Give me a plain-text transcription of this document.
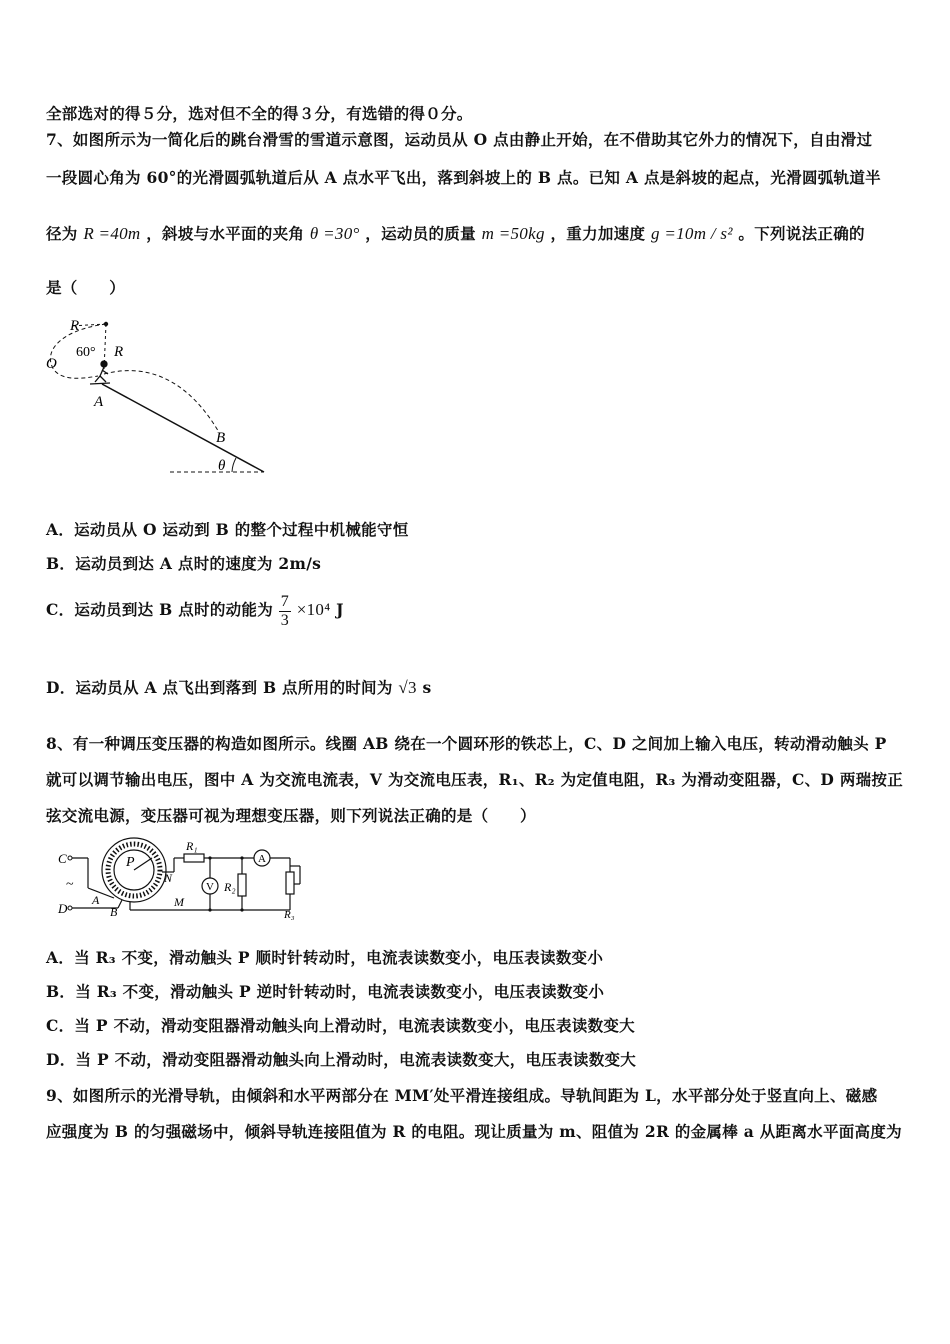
全部选对的得５分，选对但不全的得３分，有选错的得０分。
7、如图所示为一简化后的跳台滑雪的雪道示意图，运动员从 O 点由静止开始，在不借助其它外力的情况下，自由滑过
一段圆心角为 60°的光滑圆弧轨道后从 A 点水平飞出，落到斜坡上的 B 点。已知 A 点是斜坡的起点，光滑圆弧轨道半
径为 R =40m ，斜坡与水平面的夹角 θ =30° ，运动员的质量 m =50kg ，重力加速度 g =10m / s² 。下列说法正确的
是（　　）
R
60° R
O
A
B
θ
A．运动员从 O 运动到 B 的整个过程中机械能守恒
B．运动员到达 A 点时的速度为 2m/s
C．运动员到达 B 点时的动能为 $\frac{7}{3} \times 10^4$ J
D．运动员从 A 点飞出到落到 B 点所用的时间为 √3 s
8、有一种调压变压器的构造如图所示。线圈 AB 绕在一个圆环形的铁芯上，C、D 之间加上输入电压，转动滑动触头 P
就可以调节输出电压，图中 A 为交流电流表，V 为交流电压表，R₁、R₂ 为定值电阻，R₃ 为滑动变阻器，C、D 两瑞按正
弦交流电源，变压器可视为理想变压器，则下列说法正确的是（　　）
C
D
~
P
A
B
N
M
R₁
R₂
R₃
A
V
A．当 R₃ 不变，滑动触头 P 顺时针转动时，电流表读数变小，电压表读数变小
B．当 R₃ 不变，滑动触头 P 逆时针转动时，电流表读数变小，电压表读数变小
C．当 P 不动，滑动变阻器滑动触头向上滑动时，电流表读数变小，电压表读数变大
D．当 P 不动，滑动变阻器滑动触头向上滑动时，电流表读数变大，电压表读数变大
9、如图所示的光滑导轨，由倾斜和水平两部分在 MM′处平滑连接组成。导轨间距为 L，水平部分处于竖直向上、磁感
应强度为 B 的匀强磁场中，倾斜导轨连接阻值为 R 的电阻。现让质量为 m、阻值为 2R 的金属棒 a 从距离水平面高度为
